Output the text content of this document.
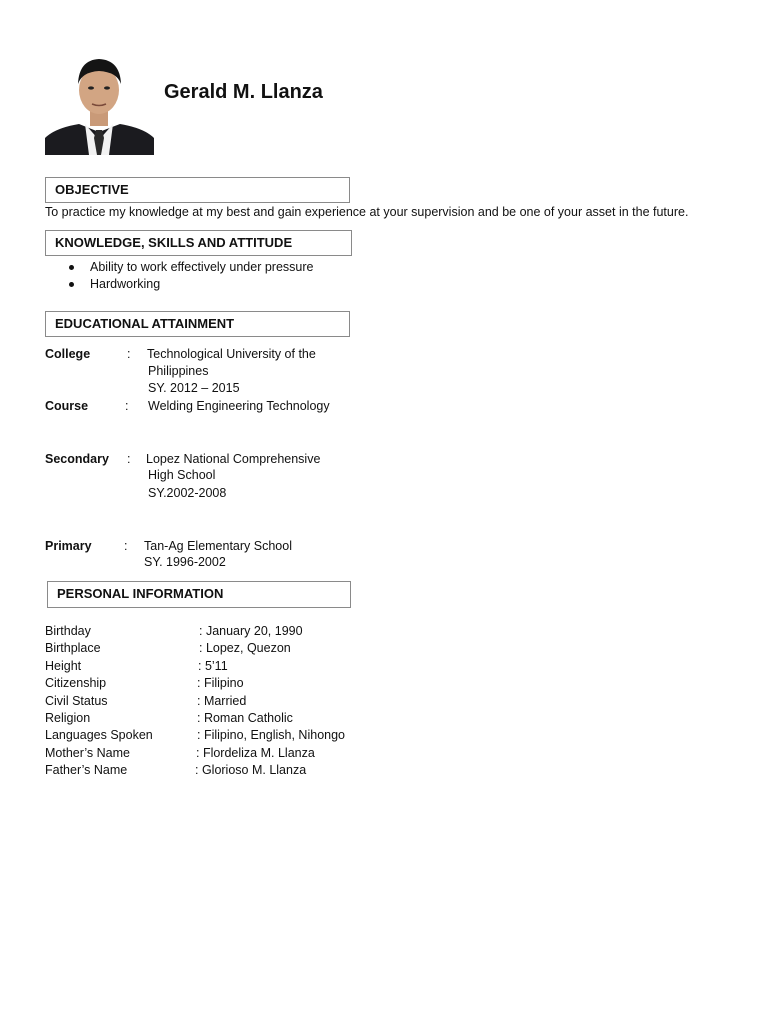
Gerald M. Llanza
OBJECTIVE
To practice my knowledge at my best and gain experience at your supervision and be one of your asset in the future.
KNOWLEDGE, SKILLS AND ATTITUDE
Ability to work effectively under pressure
Hardworking
EDUCATIONAL ATTAINMENT
College	: Technological University of the
Philippines
SY. 2012 – 2015
Course	: Welding Engineering Technology
Secondary : Lopez National Comprehensive
High School
SY.2002-2008
Primary	: Tan-Ag Elementary School
SY. 1996-2002
PERSONAL INFORMATION
Birthday	: January 20, 1990
Birthplace	: Lopez, Quezon
Height	: 5’11
Citizenship	: Filipino
Civil Status	: Married
Religion	: Roman Catholic
Languages Spoken	: Filipino, English, Nihongo
Mother’s Name	: Flordeliza M. Llanza
Father’s Name	: Glorioso M. Llanza
